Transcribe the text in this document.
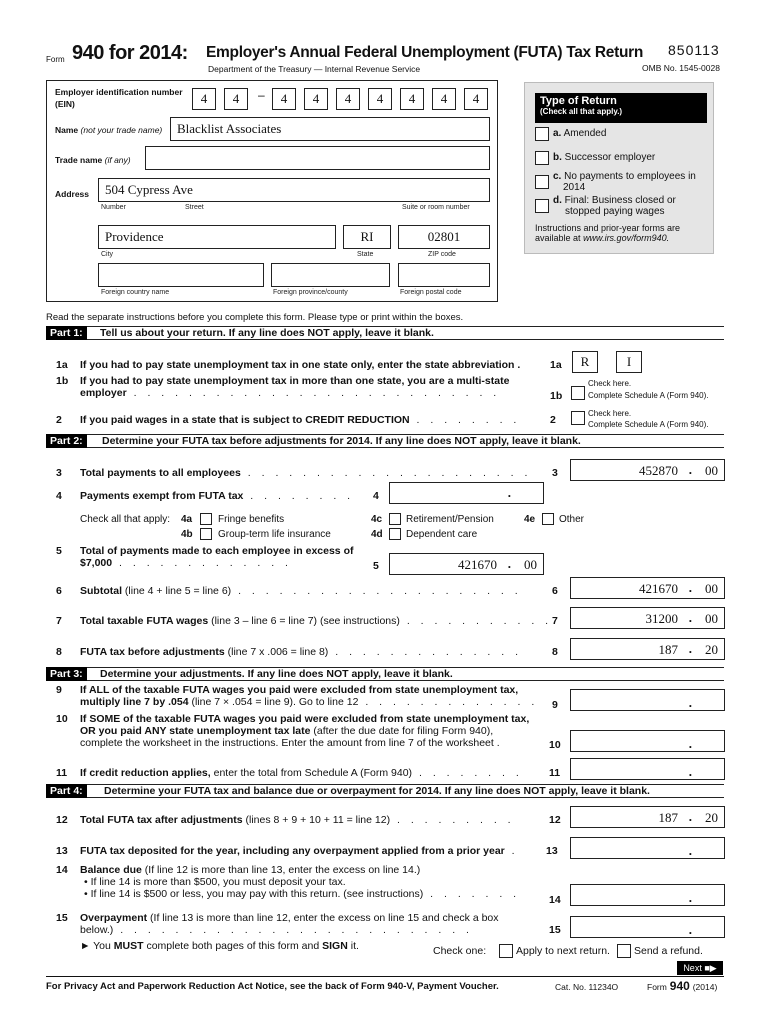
Form 940 for 2014: Employer's Annual Federal Unemployment (FUTA) Tax Return
Department of the Treasury — Internal Revenue Service
850113
OMB No. 1545-0028
Employer identification number
(EIN)	4	4	–	4	4	4	4	4	4	4
Name (not your trade name)	Blacklist Associates
Trade name (if any)
Address	504 Cypress Ave
Number	Street	Suite or room number
Providence	RI	02801
City	State	ZIP code
Foreign country name	Foreign province/county	Foreign postal code
Type of Return
(Check all that apply.)
a. Amended
b. Successor employer
c. No payments to employees in
2014
d. Final: Business closed or
stopped paying wages
Instructions and prior-year forms are
available at www.irs.gov/form940.
Read the separate instructions before you complete this form. Please type or print within the boxes.
Part 1:	Tell us about your return. If any line does NOT apply, leave it blank.
1a If you had to pay state unemployment tax in one state only, enter the state abbreviation .	1a	R	I
1b If you had to pay state unemployment tax in more than one state, you are a multi-state
employer . . . . . . . . . . . . . . . . . . . . . . . . . . .	1b
Check here.
Complete Schedule A (Form 940).
2 If you paid wages in a state that is subject to CREDIT REDUCTION . . . . . . . .	2
Check here.
Complete Schedule A (Form 940).
Part 2:	Determine your FUTA tax before adjustments for 2014. If any line does NOT apply, leave it blank.
3 Total payments to all employees . . . . . . . . . . . . . . . . . . . . . 3	452870 . 00
4 Payments exempt from FUTA tax . . . . . . . . 4	.
Check all that apply: 4a	Fringe benefits
4b	Group-term life insurance
4c Retirement/Pension
4d Dependent care
4e Other
5 Total of payments made to each employee in excess of
$7,000 . . . . . . . . . . . . .	5	421670 . 00
6 Subtotal (line 4 + line 5 = line 6) . . . . . . . . . . . . . . . . . . . . .	6	421670 . 00
7 Total taxable FUTA wages (line 3 – line 6 = line 7) (see instructions) . . . . . . . . . . . 7	31200 . 00
8 FUTA tax before adjustments (line 7 x .006 = line 8) . . . . . . . . . . . . . .	8	187 . 20
Part 3:	Determine your adjustments. If any line does NOT apply, leave it blank.
9 If ALL of the taxable FUTA wages you paid were excluded from state unemployment tax,
multiply line 7 by .054 (line 7 × .054 = line 9). Go to line 12 . . . . . . . . . . . . . 9	.
10 If SOME of the taxable FUTA wages you paid were excluded from state unemployment tax,
OR you paid ANY state unemployment tax late (after the due date for filing Form 940),
complete the worksheet in the instructions. Enter the amount from line 7 of the worksheet .	10	.
11 If credit reduction applies, enter the total from Schedule A (Form 940) . . . . . . . .	11	.
Part 4:	Determine your FUTA tax and balance due or overpayment for 2014. If any line does NOT apply, leave it blank.
12 Total FUTA tax after adjustments (lines 8 + 9 + 10 + 11 = line 12) . . . . . . . . .	12	187 . 20
13 FUTA tax deposited for the year, including any overpayment applied from a prior year .	13	.
14 Balance due (If line 12 is more than line 13, enter the excess on line 14.)
• If line 14 is more than $500, you must deposit your tax.
• If line 14 is $500 or less, you may pay with this return. (see instructions) . . . . . . .	14	.
15 Overpayment (If line 13 is more than line 12, enter the excess on line 15 and check a box
below.) . . . . . . . . . . . . . . . . . . . . . . . . . .	15	.
► You MUST complete both pages of this form and SIGN it.	Check one:	Apply to next return. Send a refund.
Next ■▶
For Privacy Act and Paperwork Reduction Act Notice, see the back of Form 940-V, Payment Voucher.	Cat. No. 11234O	Form 940 (2014)
